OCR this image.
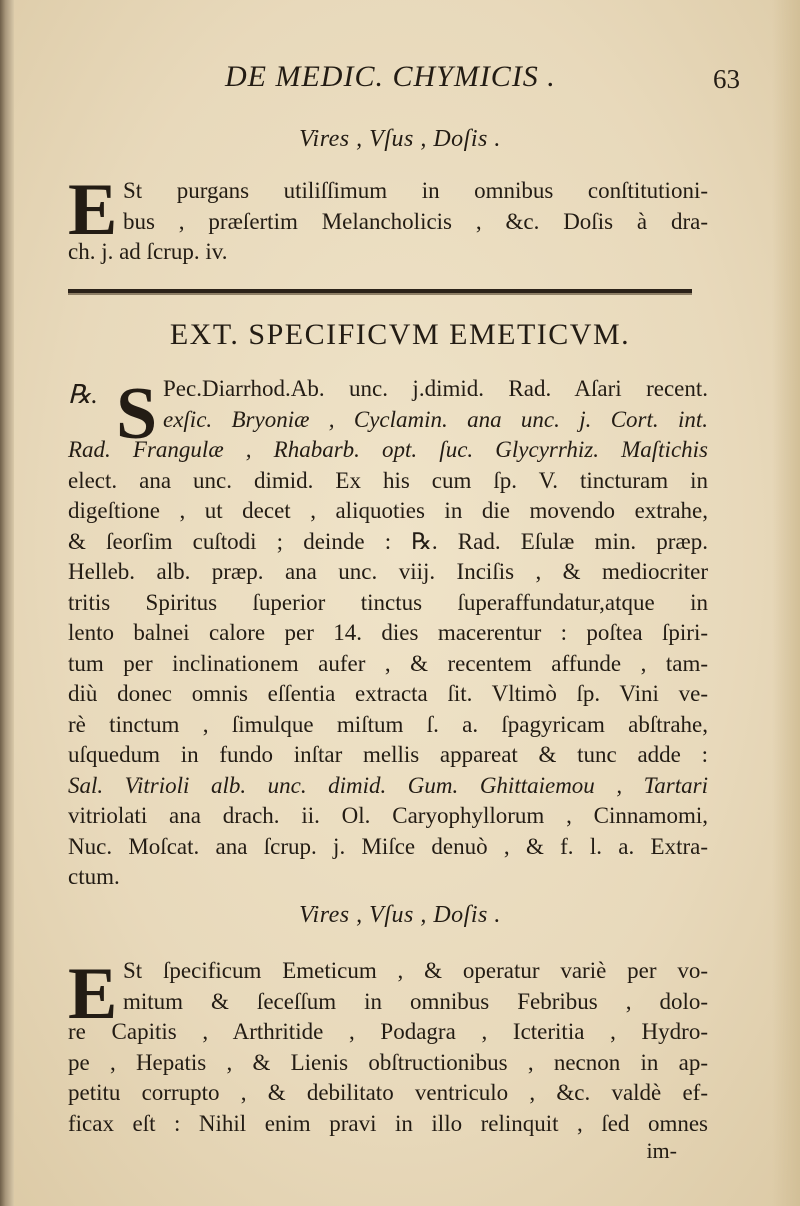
DE MEDIC. CHYMICIS .	63
Vires , Vſus , Doſis .
E St purgans utiliſſimum in omnibus conſtitutioni-
bus , præſertim Melancholicis , &c. Doſis à dra-
ch. j. ad ſcrup. iv.
EXT. SPECIFICVM EMETICVM.
℞. S Pec.Diarrhod.Ab. unc. j.dimid. Rad. Aſari recent.
exſic. Bryoniæ , Cyclamin. ana unc. j. Cort. int.
Rad. Frangulæ , Rhabarb. opt. ſuc. Glycyrrhiz. Maſtichis
elect. ana unc. dimid. Ex his cum ſp. V. tincturam in
digeſtione , ut decet , aliquoties in die movendo extrahe,
& ſeorſim cuſtodi ; deinde : ℞. Rad. Eſulæ min. præp.
Helleb. alb. præp. ana unc. viij. Inciſis , & mediocriter
tritis Spiritus ſuperior tinctus ſuperaffundatur,atque in
lento balnei calore per 14. dies macerentur : poſtea ſpiri-
tum per inclinationem aufer , & recentem affunde , tam-
diù donec omnis eſſentia extracta ſit. Vltimò ſp. Vini ve-
rè tinctum , ſimulque miſtum ſ. a. ſpagyricam abſtrahe,
uſquedum in fundo inſtar mellis appareat & tunc adde :
Sal. Vitrioli alb. unc. dimid. Gum. Ghittaiemou , Tartari
vitriolati ana drach. ii. Ol. Caryophyllorum , Cinnamomi,
Nuc. Moſcat. ana ſcrup. j. Miſce denuò , & f. l. a. Extra-
ctum.
Vires , Vſus , Doſis .
E St ſpecificum Emeticum , & operatur variè per vo-
mitum & ſeceſſum in omnibus Febribus , dolo-
re Capitis , Arthritide , Podagra , Icteritia , Hydro-
pe , Hepatis , & Lienis obſtructionibus , necnon in ap-
petitu corrupto , & debilitato ventriculo , &c. valdè ef-
ficax eſt : Nihil enim pravi in illo relinquit , ſed omnes
im-
